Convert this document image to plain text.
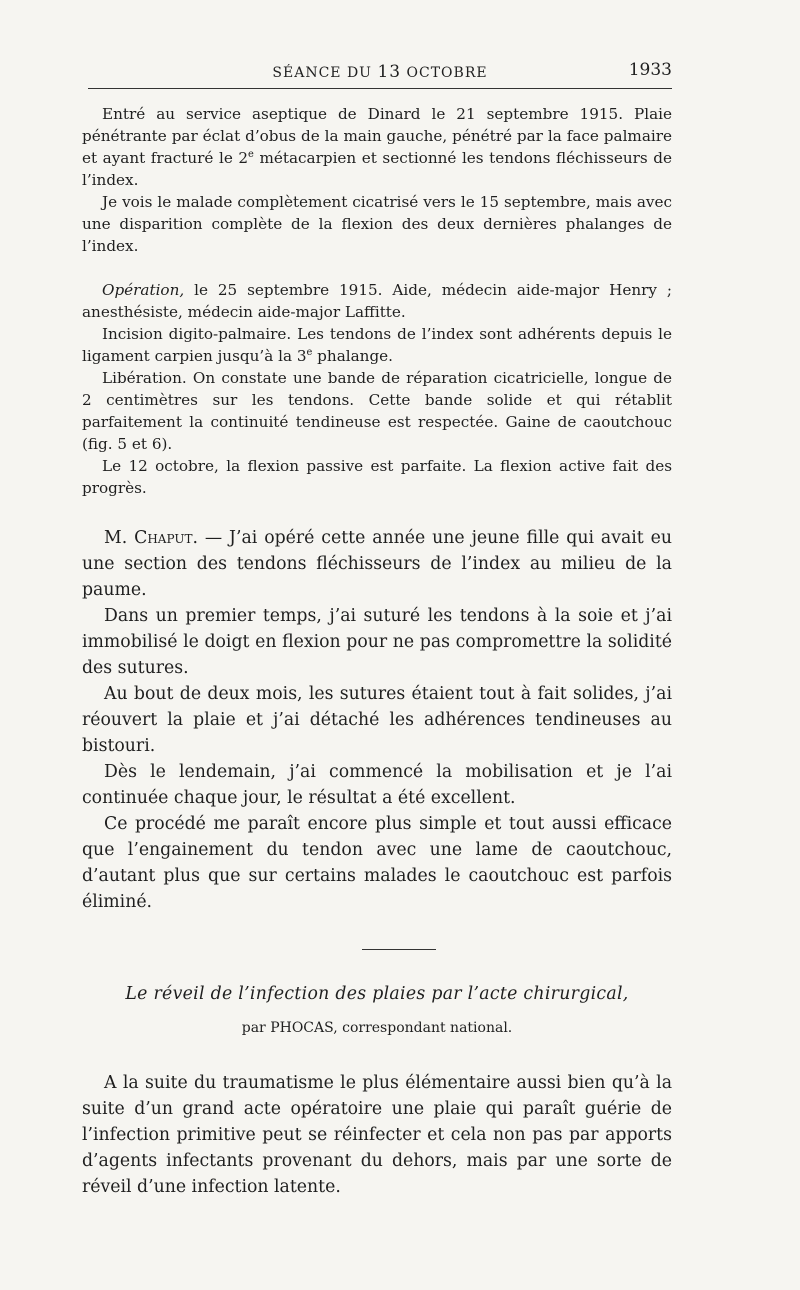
SÉANCE DU 13 OCTOBRE	1933

Entré au service aseptique de Dinard le 21 septembre 1915. Plaie pénétrante par éclat d’obus de la main gauche, pénétré par la face palmaire et ayant fracturé le 2e métacarpien et sectionné les tendons fléchisseurs de l’index.

Je vois le malade complètement cicatrisé vers le 15 septembre, mais avec une disparition complète de la flexion des deux dernières phalanges de l’index.

Opération, le 25 septembre 1915. Aide, médecin aide-major Henry ; anesthésiste, médecin aide-major Laffitte.

Incision digito-palmaire. Les tendons de l’index sont adhérents depuis le ligament carpien jusqu’à la 3e phalange.

Libération. On constate une bande de réparation cicatricielle, longue de 2 centimètres sur les tendons. Cette bande solide et qui rétablit parfaitement la continuité tendineuse est respectée. Gaine de caoutchouc (fig. 5 et 6).

Le 12 octobre, la flexion passive est parfaite. La flexion active fait des progrès.

M. Chaput. — J’ai opéré cette année une jeune fille qui avait eu une section des tendons fléchisseurs de l’index au milieu de la paume.

Dans un premier temps, j’ai suturé les tendons à la soie et j’ai immobilisé le doigt en flexion pour ne pas compromettre la solidité des sutures.

Au bout de deux mois, les sutures étaient tout à fait solides, j’ai réouvert la plaie et j’ai détaché les adhérences tendineuses au bistouri.

Dès le lendemain, j’ai commencé la mobilisation et je l’ai continuée chaque jour, le résultat a été excellent.

Ce procédé me paraît encore plus simple et tout aussi efficace que l’engainement du tendon avec une lame de caoutchouc, d’autant plus que sur certains malades le caoutchouc est parfois éliminé.

Le réveil de l’infection des plaies par l’acte chirurgical,
par PHOCAS, correspondant national.

A la suite du traumatisme le plus élémentaire aussi bien qu’à la suite d’un grand acte opératoire une plaie qui paraît guérie de l’infection primitive peut se réinfecter et cela non pas par apports d’agents infectants provenant du dehors, mais par une sorte de réveil d’une infection latente.
